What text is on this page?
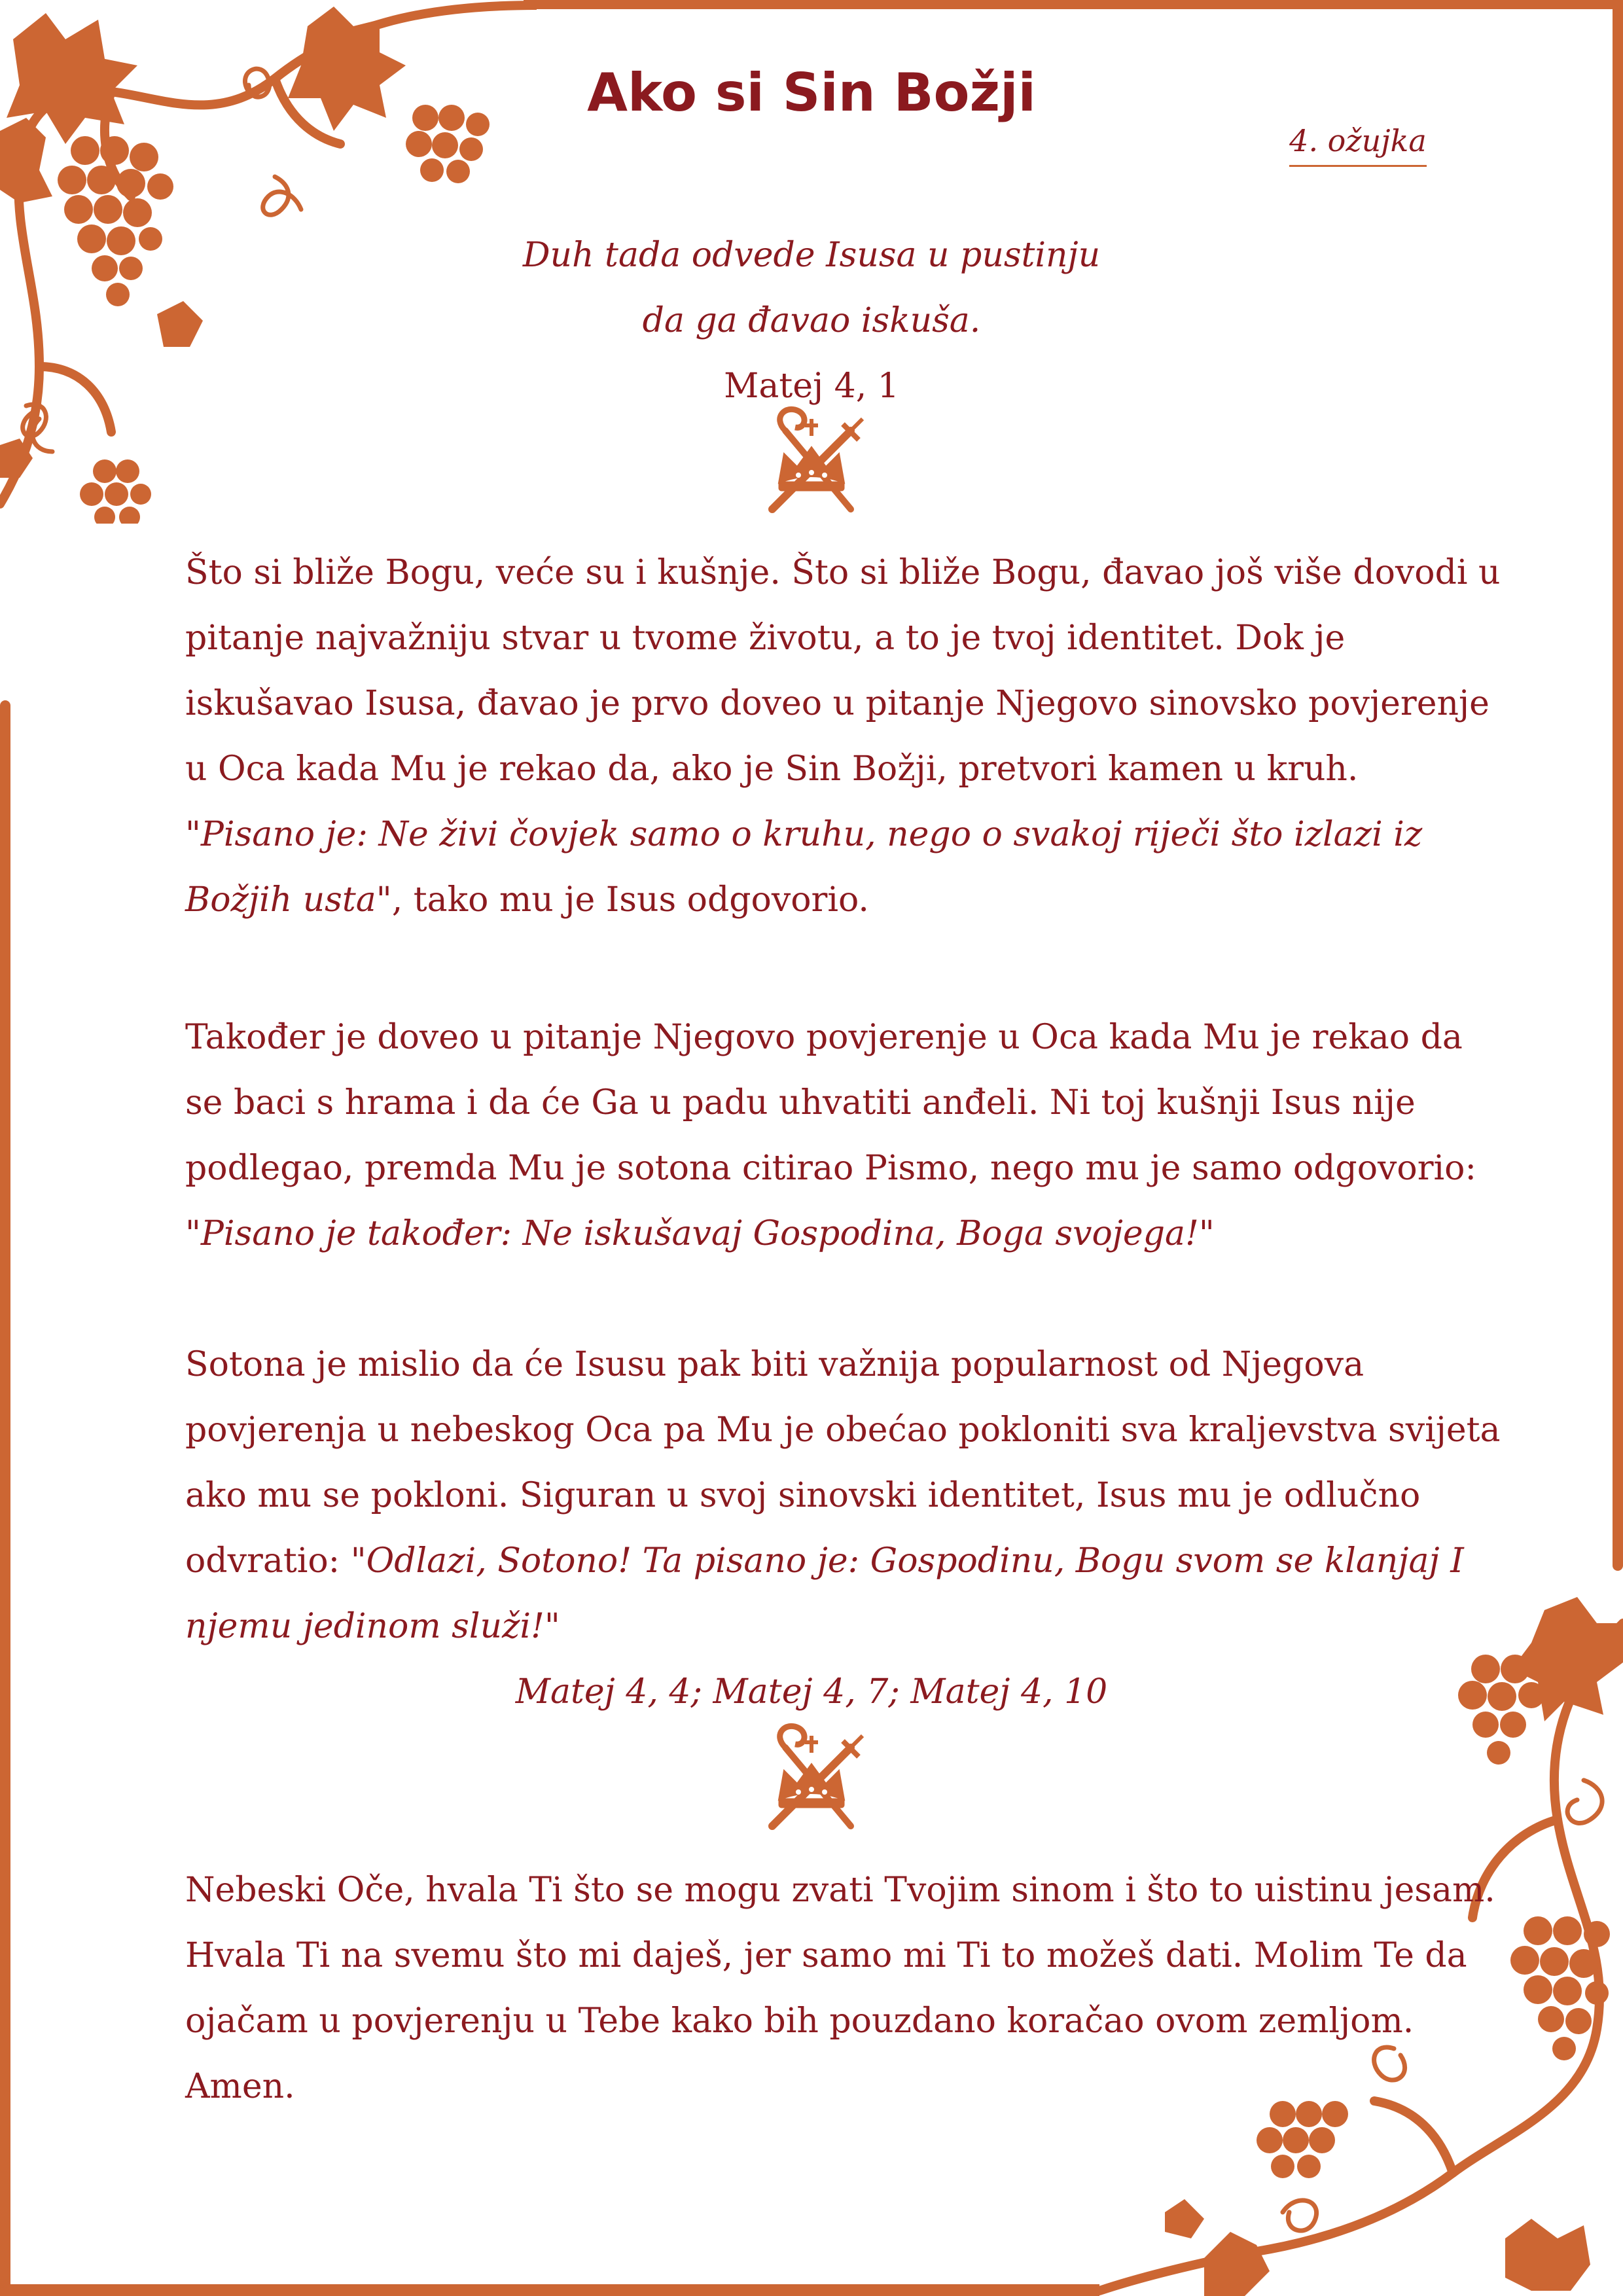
Ako si Sin Božji
4. ožujka
Duh tada odvede Isusa u pustinju
da ga đavao iskuša.
Matej 4, 1
Što si bliže Bogu, veće su i kušnje. Što si bliže Bogu, đavao još više dovodi u
pitanje najvažniju stvar u tvome životu, a to je tvoj identitet. Dok je
iskušavao Isusa, đavao je prvo doveo u pitanje Njegovo sinovsko povjerenje
u Oca kada Mu je rekao da, ako je Sin Božji, pretvori kamen u kruh.
"Pisano je: Ne živi čovjek samo o kruhu, nego o svakoj riječi što izlazi iz
Božjih usta", tako mu je Isus odgovorio.
Također je doveo u pitanje Njegovo povjerenje u Oca kada Mu je rekao da
se baci s hrama i da će Ga u padu uhvatiti anđeli. Ni toj kušnji Isus nije
podlegao, premda Mu je sotona citirao Pismo, nego mu je samo odgovorio:
"Pisano je također: Ne iskušavaj Gospodina, Boga svojega!"
Sotona je mislio da će Isusu pak biti važnija popularnost od Njegova
povjerenja u nebeskog Oca pa Mu je obećao pokloniti sva kraljevstva svijeta
ako mu se pokloni. Siguran u svoj sinovski identitet, Isus mu je odlučno
odvratio: "Odlazi, Sotono! Ta pisano je: Gospodinu, Bogu svom se klanjaj I
njemu jedinom služi!"
Matej 4, 4; Matej 4, 7; Matej 4, 10
Nebeski Oče, hvala Ti što se mogu zvati Tvojim sinom i što to uistinu jesam.
Hvala Ti na svemu što mi daješ, jer samo mi Ti to možeš dati. Molim Te da
ojačam u povjerenju u Tebe kako bih pouzdano koračao ovom zemljom.
Amen.
